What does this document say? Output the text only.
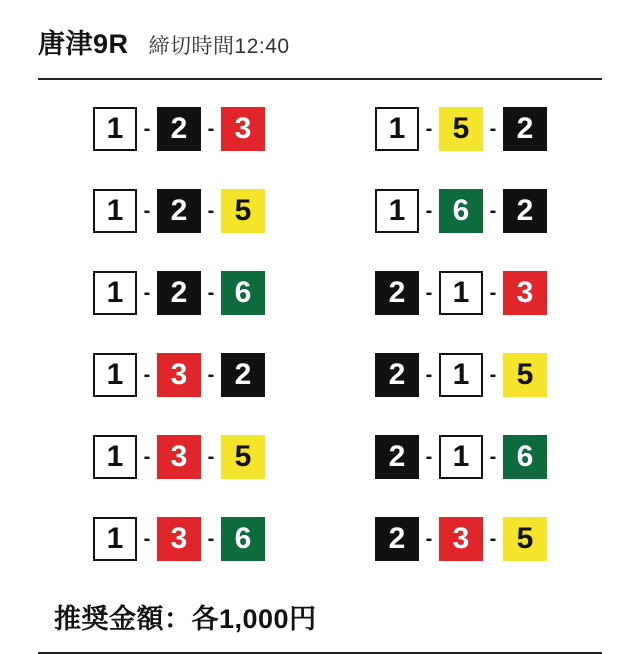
唐津9R 締切時間12:40
1	- 2	- 3	1	- 5	- 2
1	- 2	- 5	1	- 6	- 2
1	- 2	- 6	2	- 1	- 3
1	- 3	- 2	2	- 1	- 5
1	- 3	- 5	2	- 1	- 6
1	- 3	- 6	2	- 3	- 5
推奨金額：各1,000円
